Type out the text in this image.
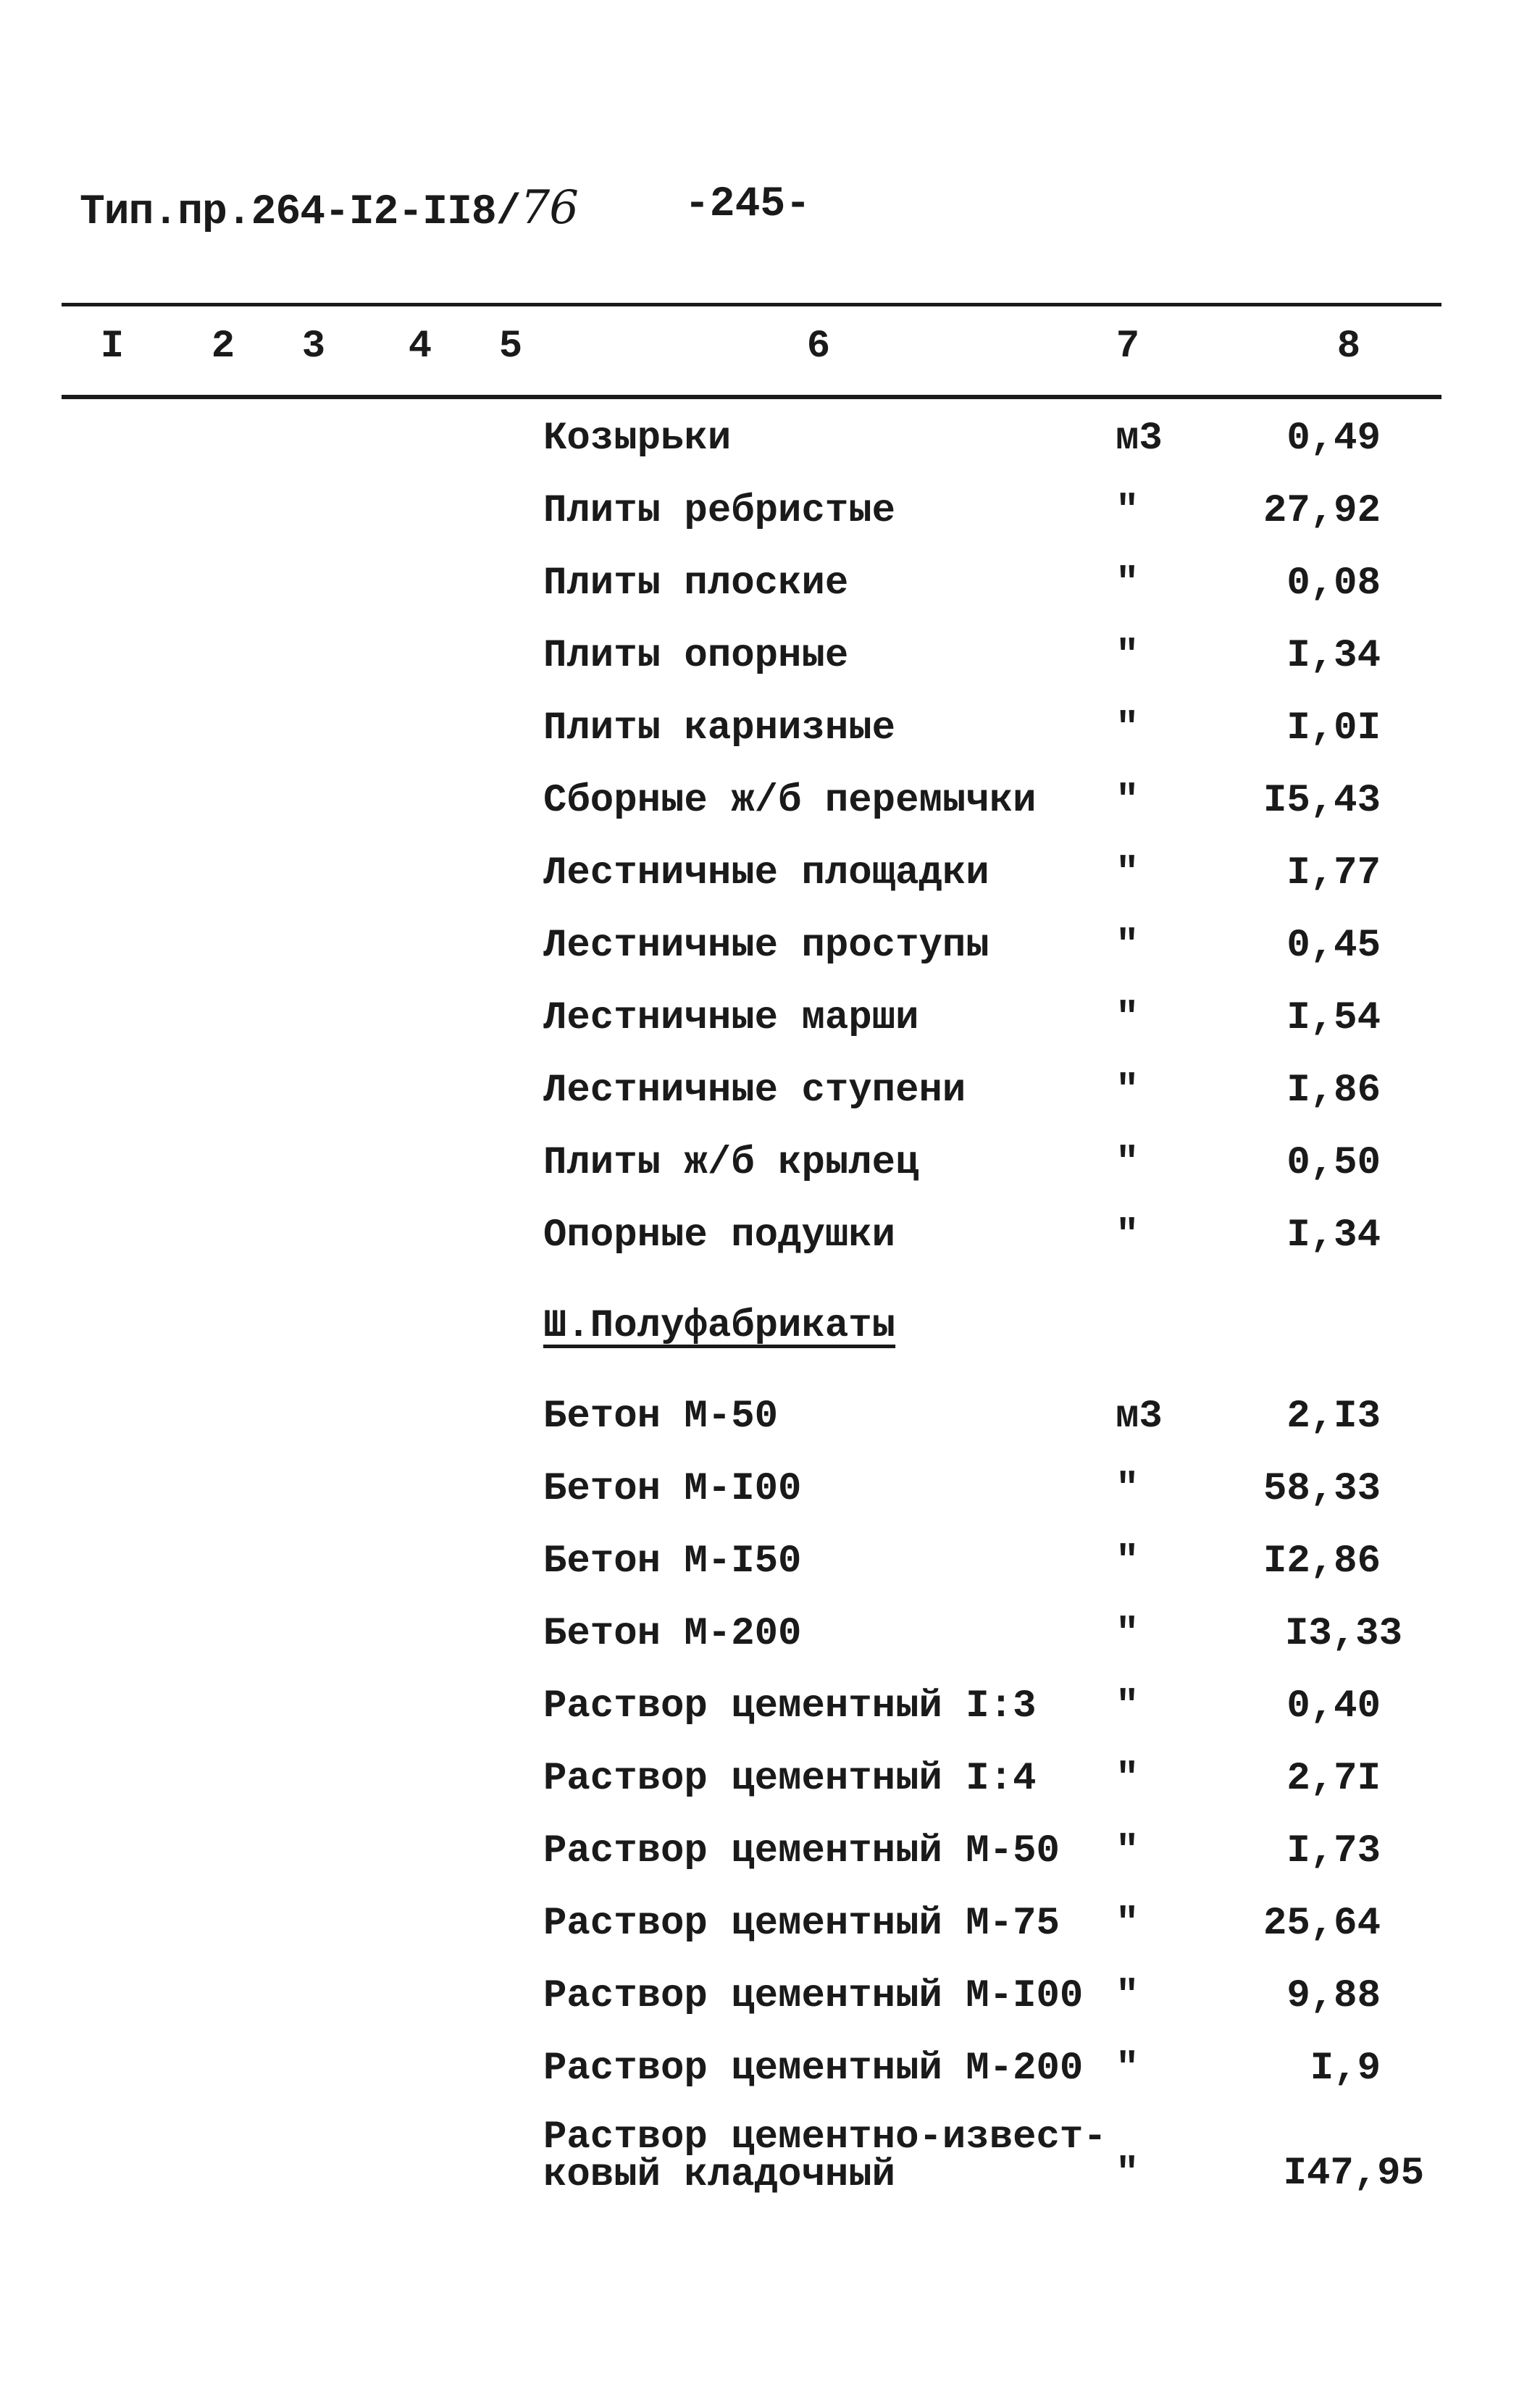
Тип.пр.264-I2-II8/76	-245-
I	2	3	4	5	6	7	8
Козырьки	м3	0,49
Плиты ребристые	"	27,92
Плиты плоские	"	0,08
Плиты опорные	"	I,34
Плиты карнизные	"	I,0I
Сборные ж/б перемычки "	I5,43
Лестничные площадки	"	I,77
Лестничные проступы	"	0,45
Лестничные марши	"	I,54
Лестничные ступени	"	I,86
Плиты ж/б крылец	"	0,50
Опорные подушки	"	I,34
Ш.Полуфабрикаты
Бетон М-50	м3	2,I3
Бетон М-I00	"	58,33
Бетон М-I50	"	I2,86
Бетон М-200	"	I3,33
Раствор цементный I:3 "	0,40
Раствор цементный I:4 "	2,7I
Раствор цементный М-50 "	I,73
Раствор цементный М-75 "	25,64
Раствор цементный М-I00 "	9,88
Раствор цементный М-200 "	I,9
Раствор цементно-извест-
ковый кладочный	"	I47,95
